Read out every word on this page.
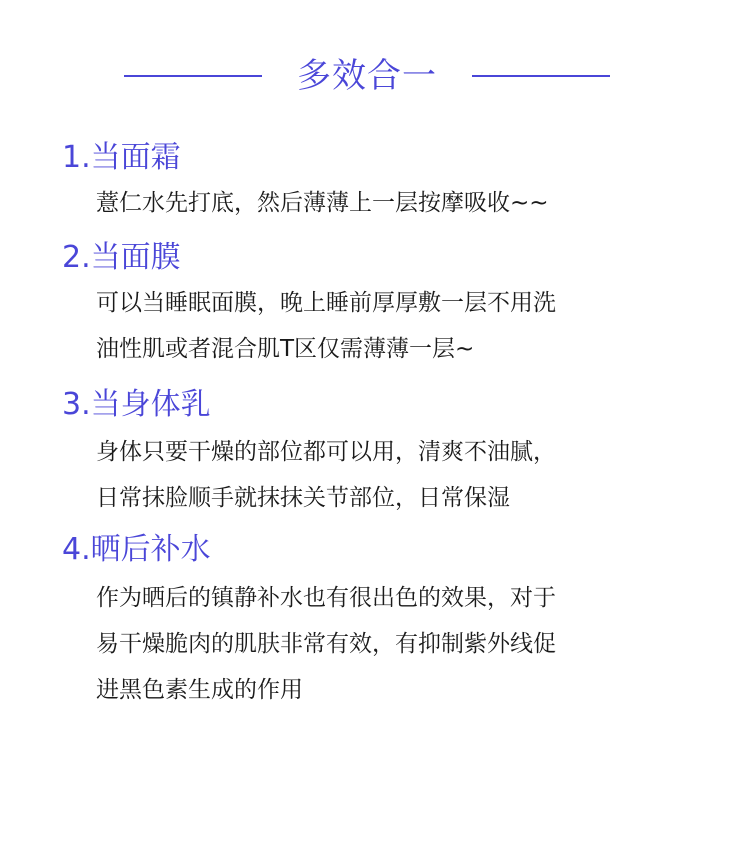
多效合一
1.当面霜
薏仁水先打底，然后薄薄上一层按摩吸收~~
2.当面膜
可以当睡眠面膜，晚上睡前厚厚敷一层不用洗
油性肌或者混合肌T区仅需薄薄一层~
3.当身体乳
身体只要干燥的部位都可以用，清爽不油腻，
日常抹脸顺手就抹抹关节部位，日常保湿
4.晒后补水
作为晒后的镇静补水也有很出色的效果，对于
易干燥脆肉的肌肤非常有效，有抑制紫外线促
进黑色素生成的作用
